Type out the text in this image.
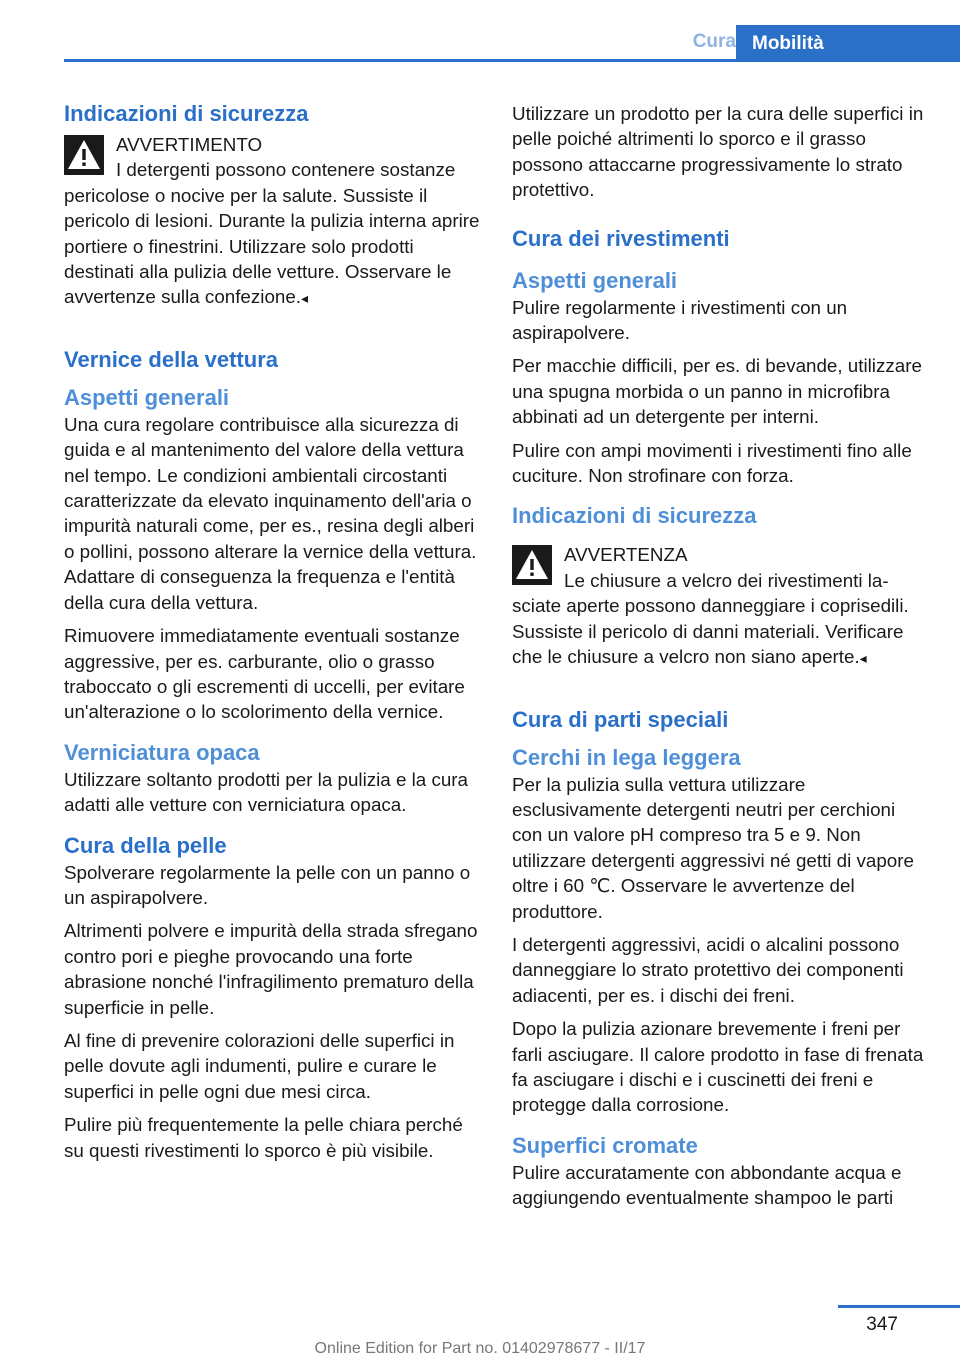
Cura Mobilità
Indicazioni di sicurezza
AVVERTIMENTO
I detergenti possono contenere sostanze
pericolose o nocive per la salute. Sussiste il pericolo di lesioni. Durante la pulizia interna aprire portiere o finestrini. Utilizzare solo prodotti destinati alla pulizia delle vetture. Osservare le avvertenze sulla confezione.◂
Vernice della vettura
Aspetti generali

Una cura regolare contribuisce alla sicurezza di guida e al mantenimento del valore della vettura nel tempo. Le condizioni ambientali circostanti caratterizzate da elevato inquinamento dell'aria o impurità naturali come, per es., resina degli alberi o pollini, possono alterare la vernice della vettura. Adattare di conseguenza la frequenza e l'entità della cura della vettura.

Rimuovere immediatamente eventuali sostanze aggressive, per es. carburante, olio o grasso traboccato o gli escrementi di uccelli, per evitare un'alterazione o lo scolorimento della vernice.

Verniciatura opaca

Utilizzare soltanto prodotti per la pulizia e la cura adatti alle vetture con verniciatura opaca.

Cura della pelle

Spolverare regolarmente la pelle con un panno o un aspirapolvere.

Altrimenti polvere e impurità della strada sfregano contro pori e pieghe provocando una forte abrasione nonché l'infragilimento prematuro della superficie in pelle.

Al fine di prevenire colorazioni delle superfici in pelle dovute agli indumenti, pulire e curare le superfici in pelle ogni due mesi circa.

Pulire più frequentemente la pelle chiara perché su questi rivestimenti lo sporco è più visibile.

Utilizzare un prodotto per la cura delle superfici in pelle poiché altrimenti lo sporco e il grasso possono attaccarne progressivamente lo strato protettivo.

Cura dei rivestimenti
Aspetti generali

Pulire regolarmente i rivestimenti con un aspirapolvere.

Per macchie difficili, per es. di bevande, utilizzare una spugna morbida o un panno in microfibra abbinati ad un detergente per interni.

Pulire con ampi movimenti i rivestimenti fino alle cuciture. Non strofinare con forza.

Indicazioni di sicurezza
AVVERTENZA
Le chiusure a velcro dei rivestimenti la-
sciate aperte possono danneggiare i coprisedili. Sussiste il pericolo di danni materiali. Verificare che le chiusure a velcro non siano aperte.◂
Cura di parti speciali
Cerchi in lega leggera

Per la pulizia sulla vettura utilizzare esclusivamente detergenti neutri per cerchioni con un valore pH compreso tra 5 e 9. Non utilizzare detergenti aggressivi né getti di vapore oltre i 60 ℃. Osservare le avvertenze del produttore.

I detergenti aggressivi, acidi o alcalini possono danneggiare lo strato protettivo dei componenti adiacenti, per es. i dischi dei freni.

Dopo la pulizia azionare brevemente i freni per farli asciugare. Il calore prodotto in fase di frenata fa asciugare i dischi e i cuscinetti dei freni e protegge dalla corrosione.

Superfici cromate

Pulire accuratamente con abbondante acqua e aggiungendo eventualmente shampoo le parti

347
Online Edition for Part no. 01402978677 - II/17
